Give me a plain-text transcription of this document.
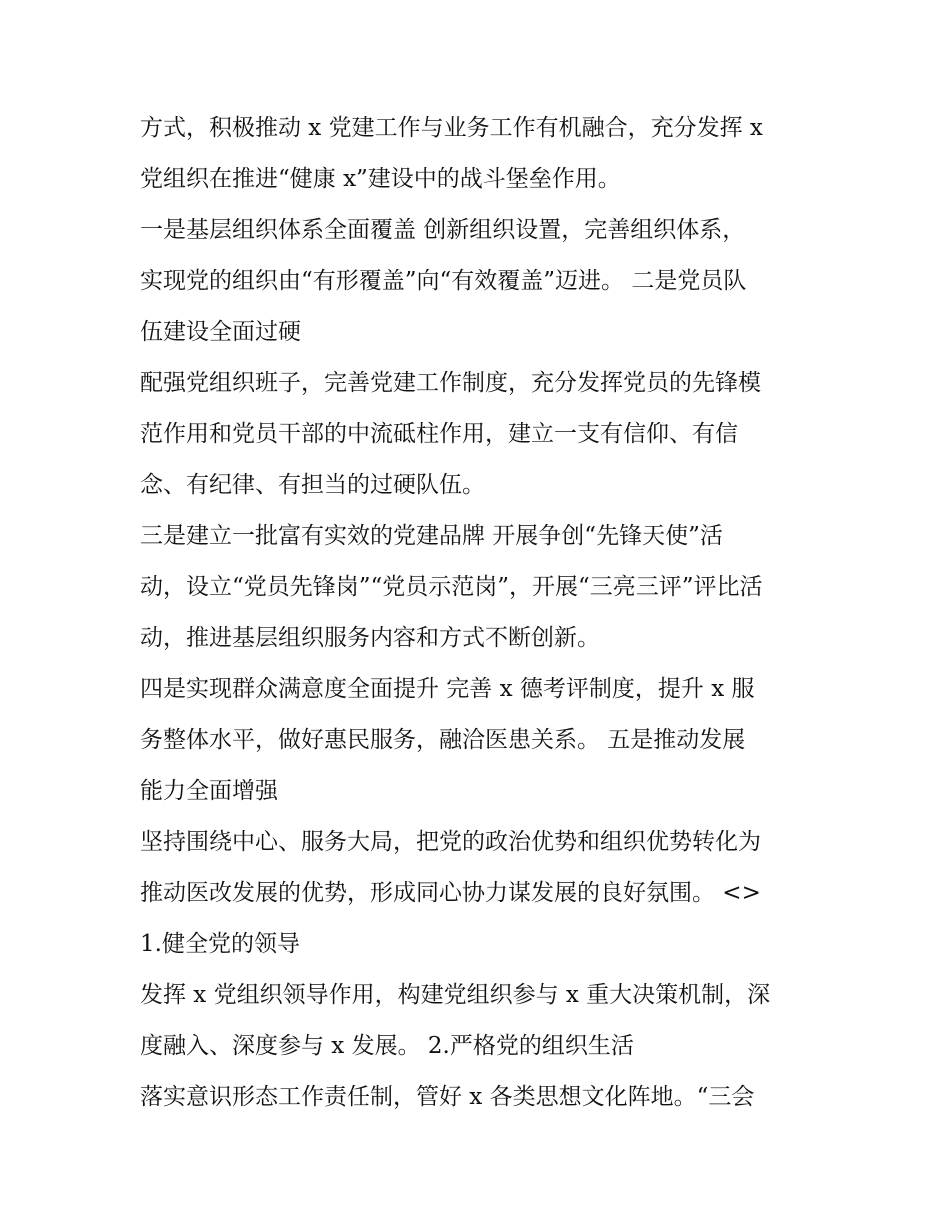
方式，积极推动 x 党建工作与业务工作有机融合，充分发挥 x
党组织在推进“健康 x”建设中的战斗堡垒作用。
一是基层组织体系全面覆盖 创新组织设置，完善组织体系，
实现党的组织由“有形覆盖”向“有效覆盖”迈进。 二是党员队
伍建设全面过硬
配强党组织班子，完善党建工作制度，充分发挥党员的先锋模
范作用和党员干部的中流砥柱作用，建立一支有信仰、有信
念、有纪律、有担当的过硬队伍。
三是建立一批富有实效的党建品牌 开展争创“先锋天使”活
动，设立“党员先锋岗”“党员示范岗”，开展“三亮三评”评比活
动，推进基层组织服务内容和方式不断创新。
四是实现群众满意度全面提升 完善 x 德考评制度，提升 x 服
务整体水平，做好惠民服务，融洽医患关系。 五是推动发展
能力全面增强
坚持围绕中心、服务大局，把党的政治优势和组织优势转化为
推动医改发展的优势，形成同心协力谋发展的良好氛围。 <>
1.健全党的领导
发挥 x 党组织领导作用，构建党组织参与 x 重大决策机制，深
度融入、深度参与 x 发展。 2.严格党的组织生活
落实意识形态工作责任制，管好 x 各类思想文化阵地。“三会
